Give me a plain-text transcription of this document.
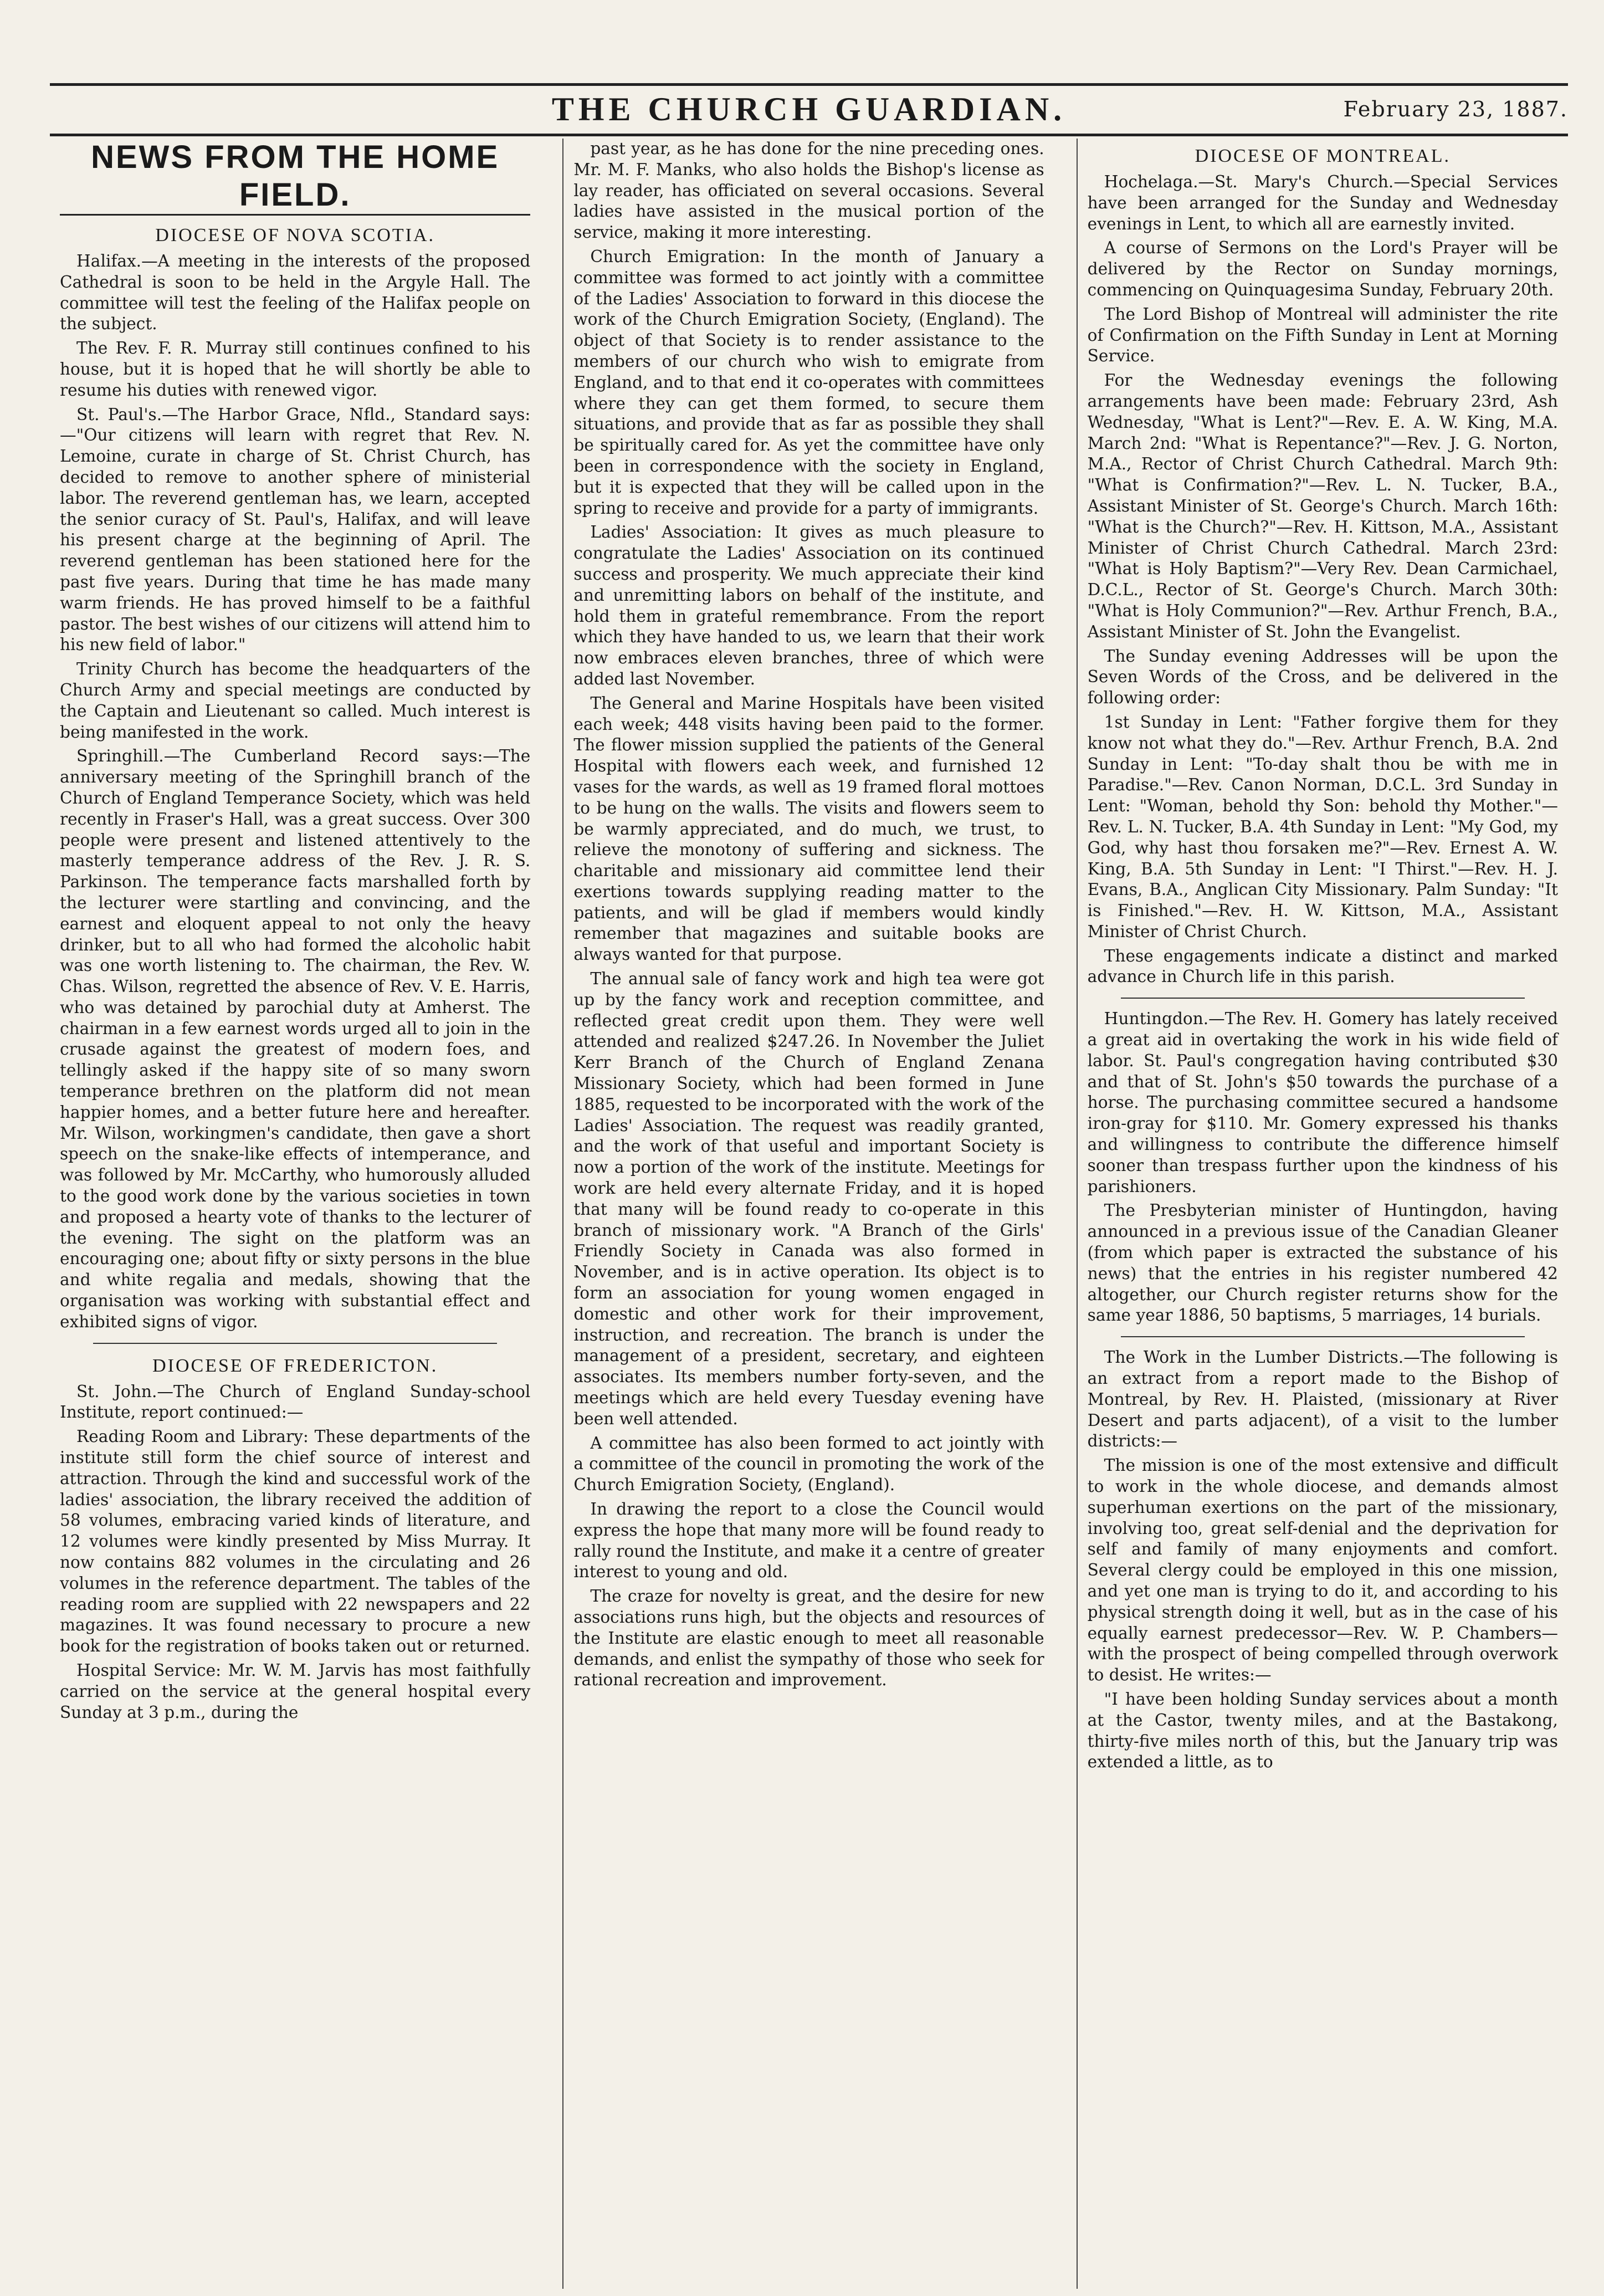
THE CHURCH GUARDIAN.	February 23, 1887.
NEWS FROM THE HOME FIELD.
DIOCESE OF NOVA SCOTIA.

Halifax.—A meeting in the interests of the proposed Cathedral is soon to be held in the Argyle Hall. The committee will test the feeling of the Halifax people on the subject.

The Rev. F. R. Murray still continues confined to his house, but it is hoped that he will shortly be able to resume his duties with renewed vigor.

St. Paul's.—The Harbor Grace, Nfld., Standard says:—"Our citizens will learn with regret that Rev. N. Lemoine, curate in charge of St. Christ Church, has decided to remove to another sphere of ministerial labor. The reverend gentleman has, we learn, accepted the senior curacy of St. Paul's, Halifax, and will leave his present charge at the beginning of April. The reverend gentleman has been stationed here for the past five years. During that time he has made many warm friends. He has proved himself to be a faithful pastor. The best wishes of our citizens will attend him to his new field of labor."

Trinity Church has become the headquarters of the Church Army and special meetings are conducted by the Captain and Lieutenant so called. Much interest is being manifested in the work.

Springhill.—The Cumberland Record says:—The anniversary meeting of the Springhill branch of the Church of England Temperance Society, which was held recently in Fraser's Hall, was a great success. Over 300 people were present and listened attentively to the masterly temperance address of the Rev. J. R. S. Parkinson. The temperance facts marshalled forth by the lecturer were startling and convincing, and the earnest and eloquent appeal to not only the heavy drinker, but to all who had formed the alcoholic habit was one worth listening to. The chairman, the Rev. W. Chas. Wilson, regretted the absence of Rev. V. E. Harris, who was detained by parochial duty at Amherst. The chairman in a few earnest words urged all to join in the crusade against the greatest of modern foes, and tellingly asked if the happy site of so many sworn temperance brethren on the platform did not mean happier homes, and a better future here and hereafter. Mr. Wilson, workingmen's candidate, then gave a short speech on the snake-like effects of intemperance, and was followed by Mr. McCarthy, who humorously alluded to the good work done by the various societies in town and proposed a hearty vote of thanks to the lecturer of the evening. The sight on the platform was an encouraging one; about fifty or sixty persons in the blue and white regalia and medals, showing that the organisation was working with substantial effect and exhibited signs of vigor.

DIOCESE OF FREDERICTON.

St. John.—The Church of England Sunday-school Institute, report continued:—

Reading Room and Library: These departments of the institute still form the chief source of interest and attraction. Through the kind and successful work of the ladies' association, the library received the addition of 58 volumes, embracing varied kinds of literature, and 12 volumes were kindly presented by Miss Murray. It now contains 882 volumes in the circulating and 26 volumes in the reference department. The tables of the reading room are supplied with 22 newspapers and 22 magazines. It was found necessary to procure a new book for the registration of books taken out or returned.

Hospital Service: Mr. W. M. Jarvis has most faithfully carried on the service at the general hospital every Sunday at 3 p.m., during the

past year, as he has done for the nine preceding ones. Mr. M. F. Manks, who also holds the Bishop's license as lay reader, has officiated on several occasions. Several ladies have assisted in the musical portion of the service, making it more interesting.

Church Emigration: In the month of January a committee was formed to act jointly with a committee of the Ladies' Association to forward in this diocese the work of the Church Emigration Society, (England). The object of that Society is to render assistance to the members of our church who wish to emigrate from England, and to that end it co-operates with committees where they can get them formed, to secure them situations, and provide that as far as possible they shall be spiritually cared for. As yet the committee have only been in correspondence with the society in England, but it is expected that they will be called upon in the spring to receive and provide for a party of immigrants.

Ladies' Association: It gives as much pleasure to congratulate the Ladies' Association on its continued success and prosperity. We much appreciate their kind and unremitting labors on behalf of the institute, and hold them in grateful remembrance. From the report which they have handed to us, we learn that their work now embraces eleven branches, three of which were added last November.

The General and Marine Hospitals have been visited each week; 448 visits having been paid to the former. The flower mission supplied the patients of the General Hospital with flowers each week, and furnished 12 vases for the wards, as well as 19 framed floral mottoes to be hung on the walls. The visits and flowers seem to be warmly appreciated, and do much, we trust, to relieve the monotony of suffering and sickness. The charitable and missionary aid committee lend their exertions towards supplying reading matter to the patients, and will be glad if members would kindly remember that magazines and suitable books are always wanted for that purpose.

The annual sale of fancy work and high tea were got up by the fancy work and reception committee, and reflected great credit upon them. They were well attended and realized $247.26. In November the Juliet Kerr Branch of the Church of England Zenana Missionary Society, which had been formed in June 1885, requested to be incorporated with the work of the Ladies' Association. The request was readily granted, and the work of that useful and important Society is now a portion of the work of the institute. Meetings for work are held every alternate Friday, and it is hoped that many will be found ready to co-operate in this branch of missionary work. "A Branch of the Girls' Friendly Society in Canada was also formed in November, and is in active operation. Its object is to form an association for young women engaged in domestic and other work for their improvement, instruction, and recreation. The branch is under the management of a president, secretary, and eighteen associates. Its members number forty-seven, and the meetings which are held every Tuesday evening have been well attended.

A committee has also been formed to act jointly with a committee of the council in promoting the work of the Church Emigration Society, (England).

In drawing the report to a close the Council would express the hope that many more will be found ready to rally round the Institute, and make it a centre of greater interest to young and old.

The craze for novelty is great, and the desire for new associations runs high, but the objects and resources of the Institute are elastic enough to meet all reasonable demands, and enlist the sympathy of those who seek for rational recreation and improvement.

DIOCESE OF MONTREAL.

Hochelaga.—St. Mary's Church.—Special Services have been arranged for the Sunday and Wednesday evenings in Lent, to which all are earnestly invited.

A course of Sermons on the Lord's Prayer will be delivered by the Rector on Sunday mornings, commencing on Quinquagesima Sunday, February 20th.

The Lord Bishop of Montreal will administer the rite of Confirmation on the Fifth Sunday in Lent at Morning Service.

For the Wednesday evenings the following arrangements have been made: February 23rd, Ash Wednesday, "What is Lent?"—Rev. E. A. W. King, M.A. March 2nd: "What is Repentance?"—Rev. J. G. Norton, M.A., Rector of Christ Church Cathedral. March 9th: "What is Confirmation?"—Rev. L. N. Tucker, B.A., Assistant Minister of St. George's Church. March 16th: "What is the Church?"—Rev. H. Kittson, M.A., Assistant Minister of Christ Church Cathedral. March 23rd: "What is Holy Baptism?"—Very Rev. Dean Carmichael, D.C.L., Rector of St. George's Church. March 30th: "What is Holy Communion?"—Rev. Arthur French, B.A., Assistant Minister of St. John the Evangelist.

The Sunday evening Addresses will be upon the Seven Words of the Cross, and be delivered in the following order:

1st Sunday in Lent: "Father forgive them for they know not what they do."—Rev. Arthur French, B.A. 2nd Sunday in Lent: "To-day shalt thou be with me in Paradise."—Rev. Canon Norman, D.C.L. 3rd Sunday in Lent: "Woman, behold thy Son: behold thy Mother."—Rev. L. N. Tucker, B.A. 4th Sunday in Lent: "My God, my God, why hast thou forsaken me?"—Rev. Ernest A. W. King, B.A. 5th Sunday in Lent: "I Thirst."—Rev. H. J. Evans, B.A., Anglican City Missionary. Palm Sunday: "It is Finished."—Rev. H. W. Kittson, M.A., Assistant Minister of Christ Church.

These engagements indicate a distinct and marked advance in Church life in this parish.

Huntingdon.—The Rev. H. Gomery has lately received a great aid in overtaking the work in his wide field of labor. St. Paul's congregation having contributed $30 and that of St. John's $50 towards the purchase of a horse. The purchasing committee secured a handsome iron-gray for $110. Mr. Gomery expressed his thanks and willingness to contribute the difference himself sooner than trespass further upon the kindness of his parishioners.

The Presbyterian minister of Huntingdon, having announced in a previous issue of the Canadian Gleaner (from which paper is extracted the substance of his news) that the entries in his register numbered 42 altogether, our Church register returns show for the same year 1886, 50 baptisms, 5 marriages, 14 burials.

The Work in the Lumber Districts.—The following is an extract from a report made to the Bishop of Montreal, by Rev. H. Plaisted, (missionary at River Desert and parts adjacent), of a visit to the lumber districts:—

The mission is one of the most extensive and difficult to work in the whole diocese, and demands almost superhuman exertions on the part of the missionary, involving too, great self-denial and the deprivation for self and family of many enjoyments and comfort. Several clergy could be employed in this one mission, and yet one man is trying to do it, and according to his physical strength doing it well, but as in the case of his equally earnest predecessor—Rev. W. P. Chambers—with the prospect of being compelled through overwork to desist. He writes:—

"I have been holding Sunday services about a month at the Castor, twenty miles, and at the Bastakong, thirty-five miles north of this, but the January trip was extended a little, as to
